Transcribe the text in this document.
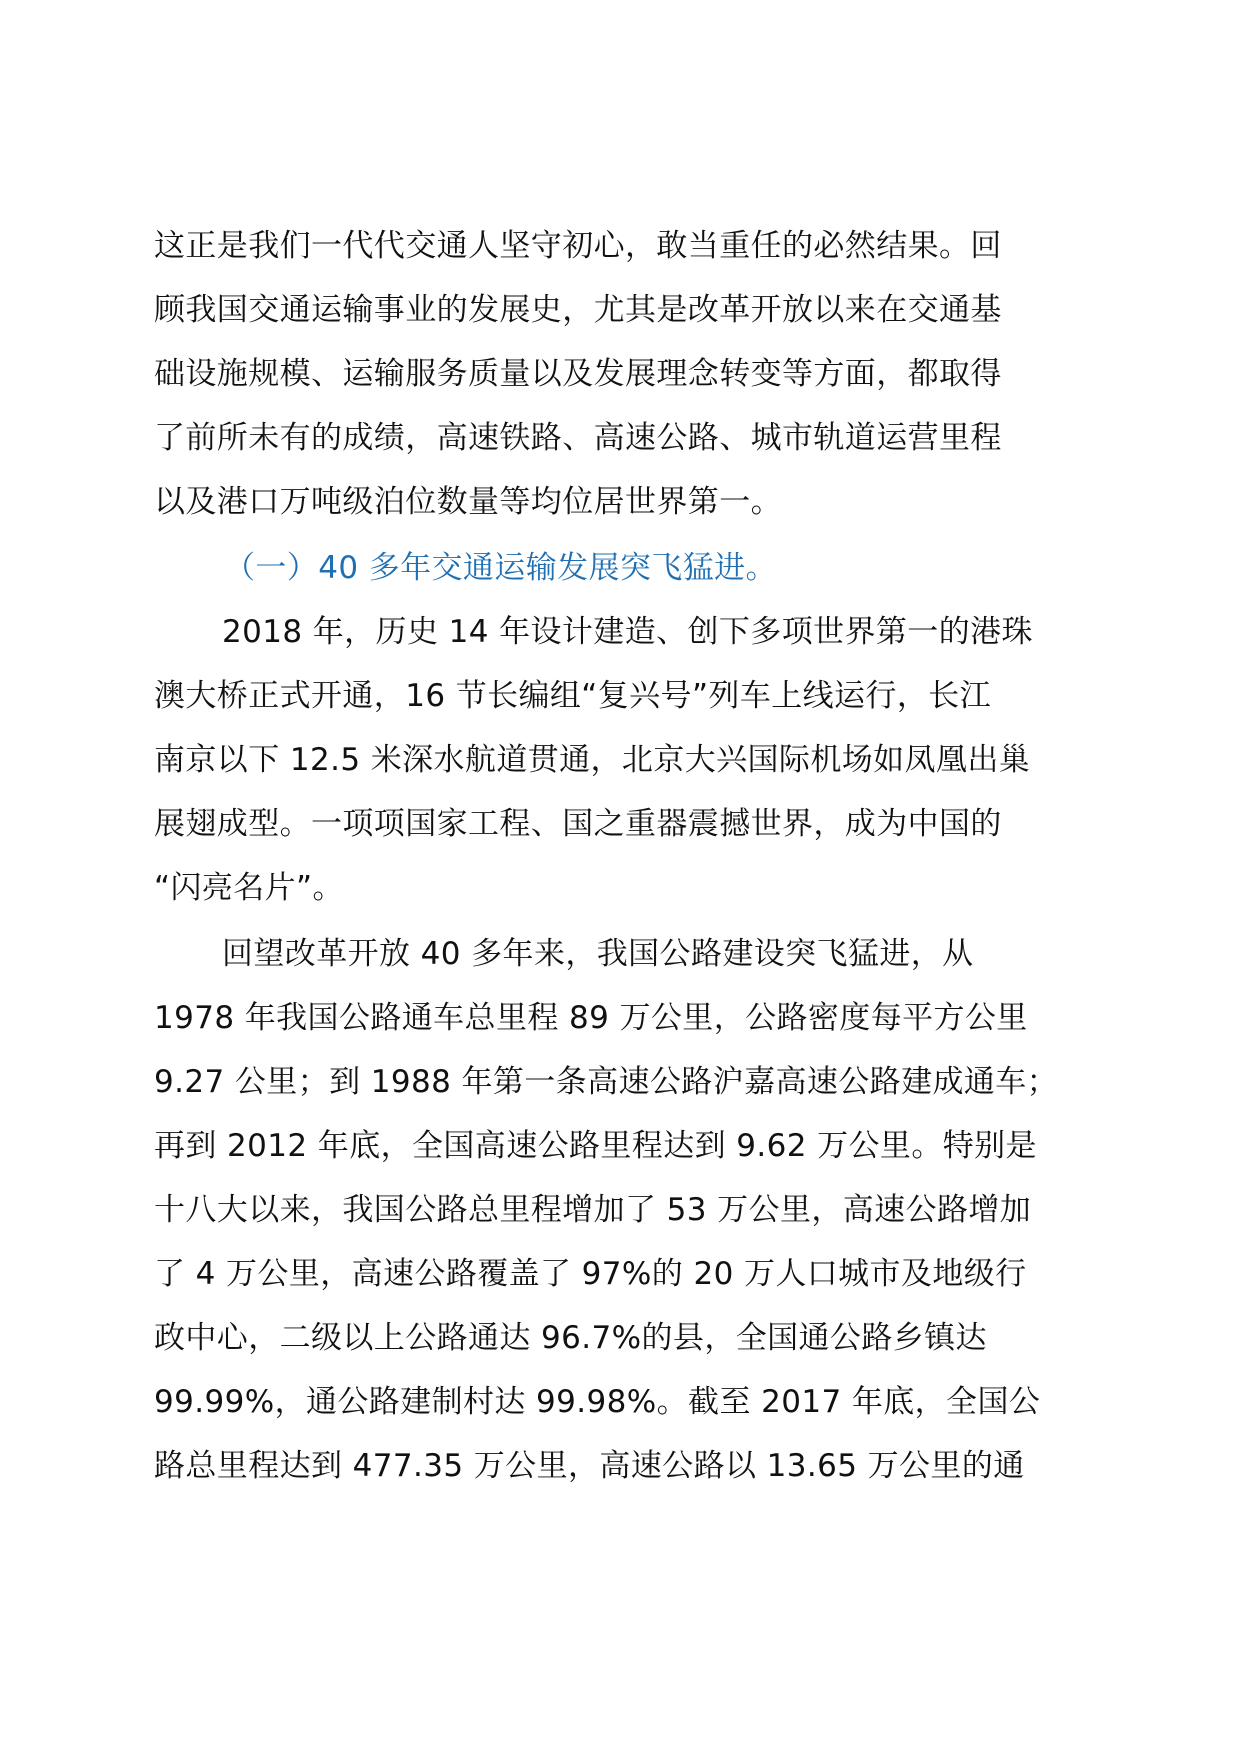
这正是我们一代代交通人坚守初心，敢当重任的必然结果。回
顾我国交通运输事业的发展史，尤其是改革开放以来在交通基
础设施规模、运输服务质量以及发展理念转变等方面，都取得
了前所未有的成绩，高速铁路、高速公路、城市轨道运营里程
以及港口万吨级泊位数量等均位居世界第一。
（一）40 多年交通运输发展突飞猛进。
2018 年，历史 14 年设计建造、创下多项世界第一的港珠
澳大桥正式开通，16 节长编组“复兴号”列车上线运行，长江
南京以下 12.5 米深水航道贯通，北京大兴国际机场如凤凰出巢
展翅成型。一项项国家工程、国之重器震撼世界，成为中国的
“闪亮名片”。
回望改革开放 40 多年来，我国公路建设突飞猛进，从
1978 年我国公路通车总里程 89 万公里，公路密度每平方公里
9.27 公里；到 1988 年第一条高速公路沪嘉高速公路建成通车；
再到 2012 年底，全国高速公路里程达到 9.62 万公里。特别是
十八大以来，我国公路总里程增加了 53 万公里，高速公路增加
了 4 万公里，高速公路覆盖了 97%的 20 万人口城市及地级行
政中心，二级以上公路通达 96.7%的县，全国通公路乡镇达
99.99%，通公路建制村达 99.98%。截至 2017 年底，全国公
路总里程达到 477.35 万公里，高速公路以 13.65 万公里的通
